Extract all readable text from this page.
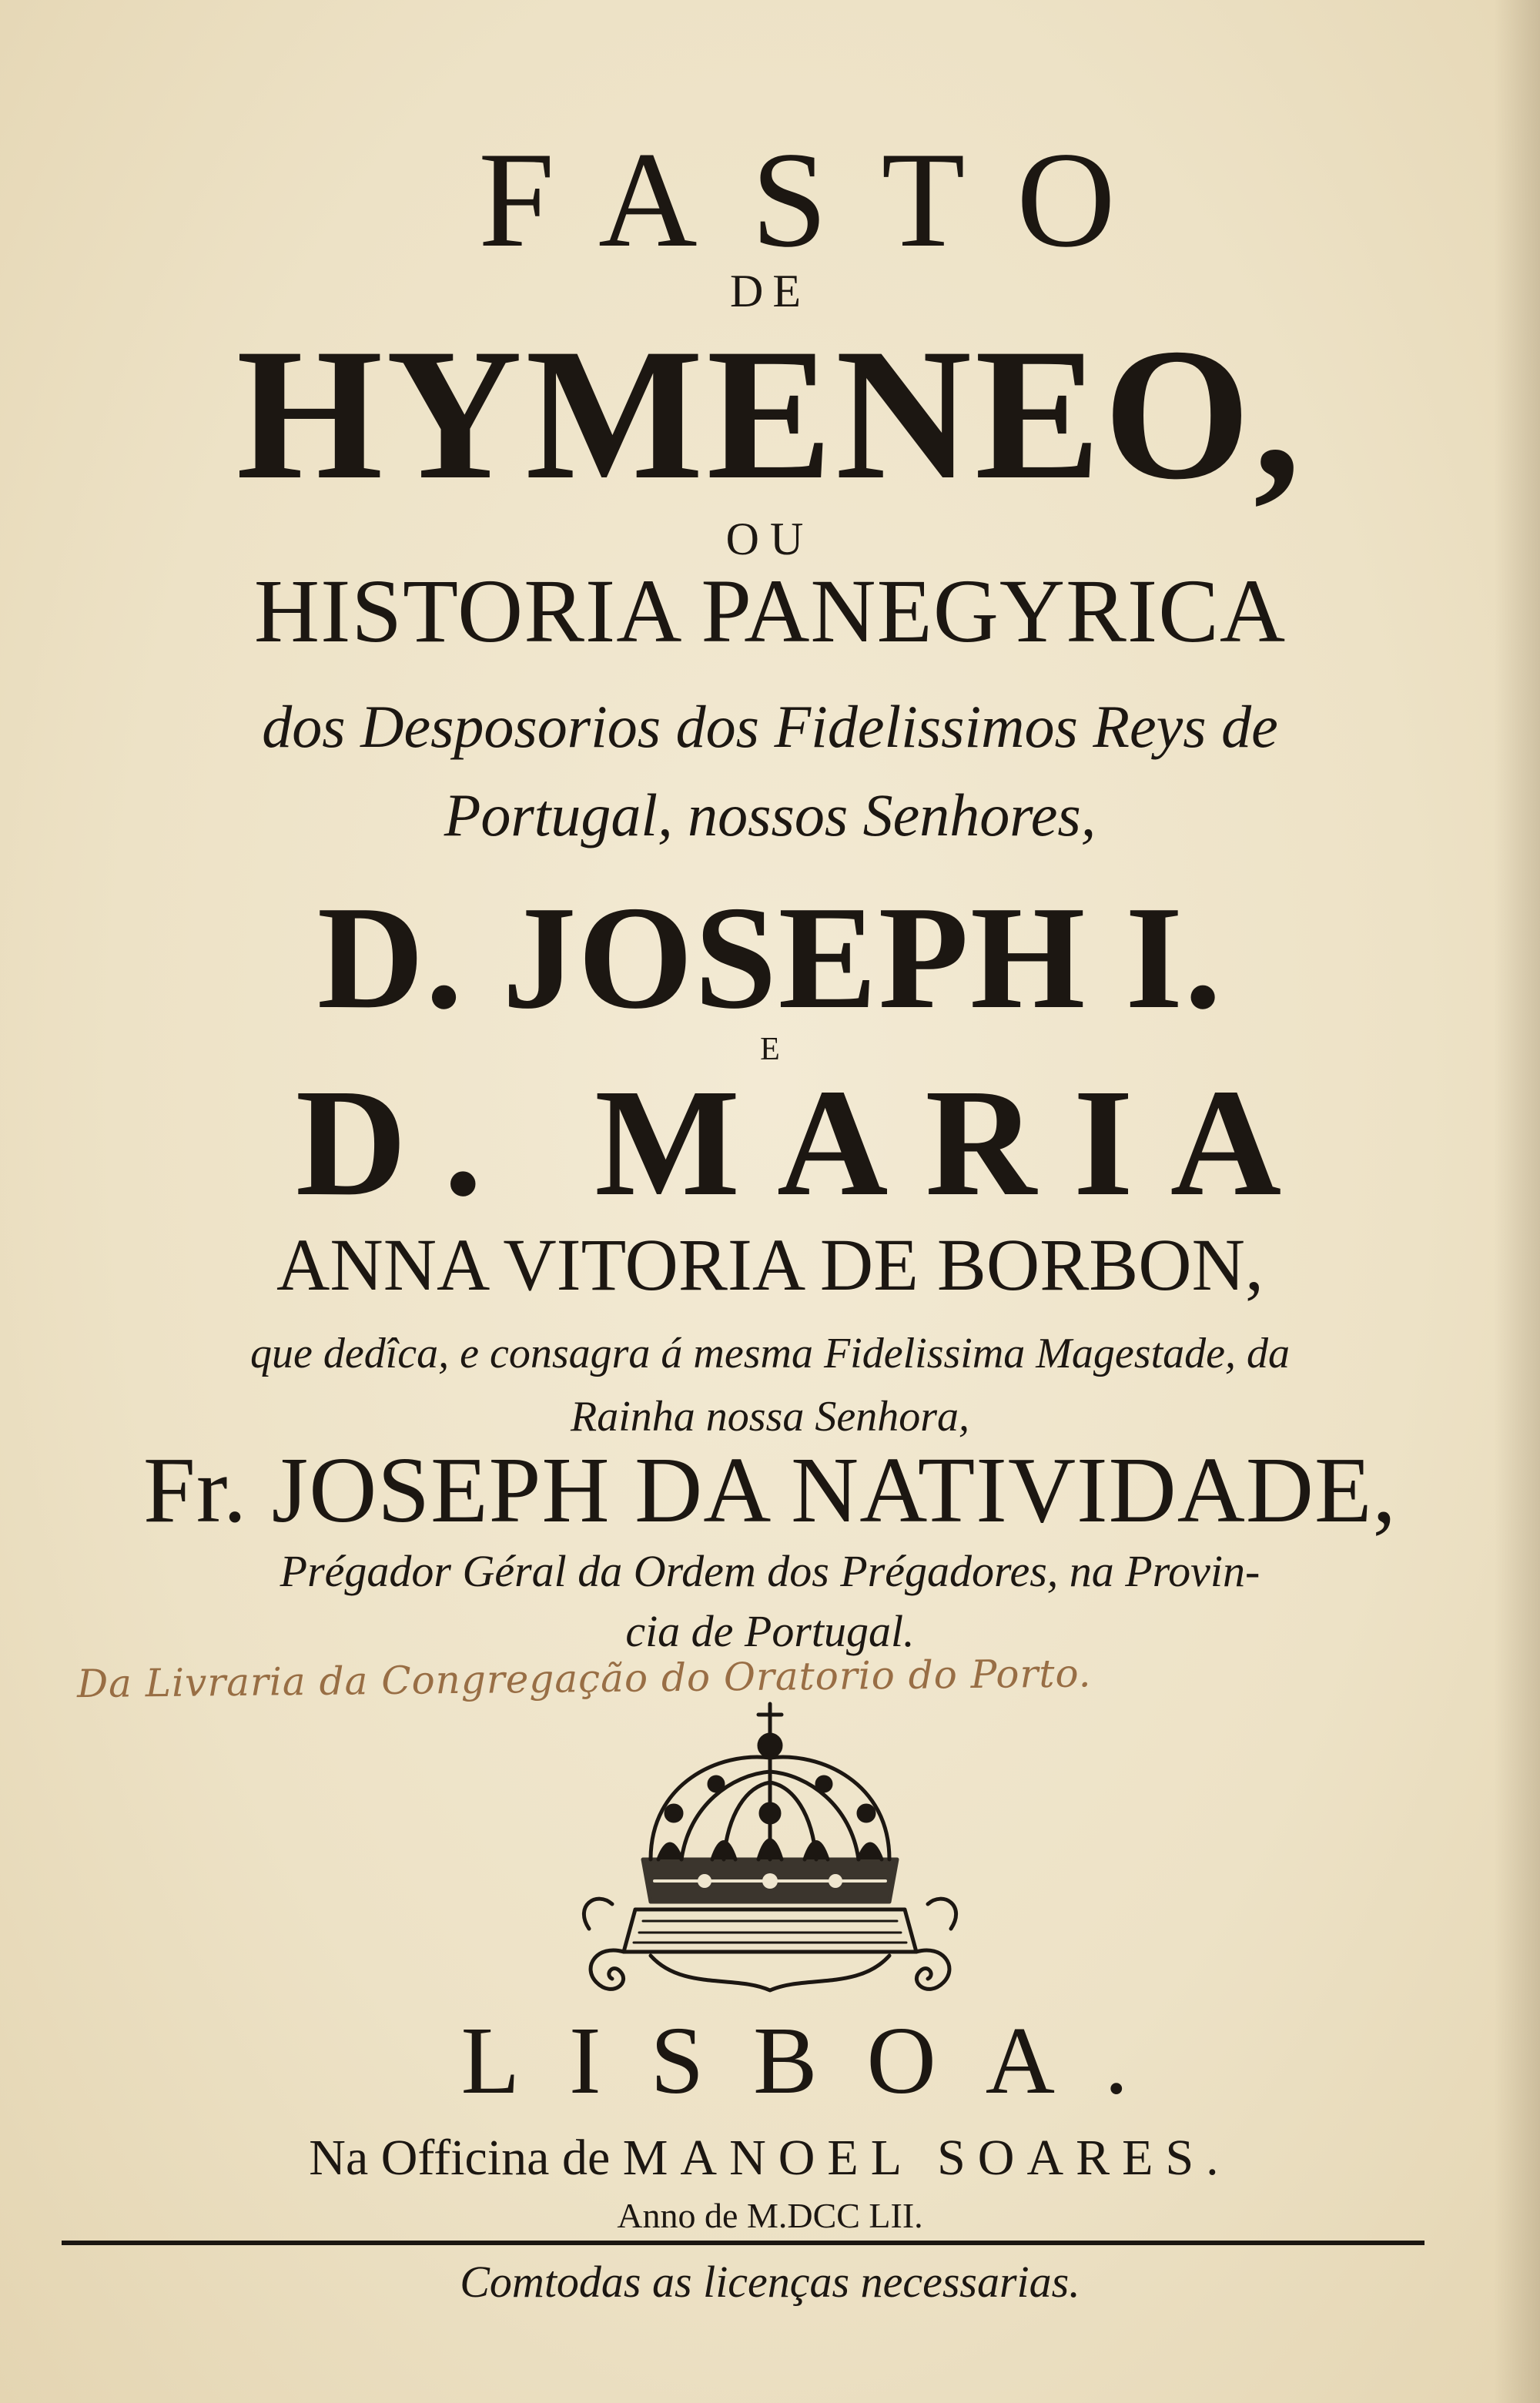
FASTO
DE
HYMENEO,
OU
HISTORIA PANEGYRICA
dos Desposorios dos Fidelissimos Reys de
Portugal, nossos Senhores,
D. JOSEPH I.
E
D. MARIA
ANNA VITORIA DE BORBON,
que dedîca, e consagra á mesma Fidelissima Magestade, da
Rainha nossa Senhora,
Fr. JOSEPH DA NATIVIDADE,
Prégador Géral da Ordem dos Prégadores, na Provin-
cia de Portugal.
Da Livraria da Congregação do Oratorio do Porto.
LISBOA.
Na Officina de MANOEL SOARES.
Anno de M.DCC LII.
Comtodas as licenças necessarias.
